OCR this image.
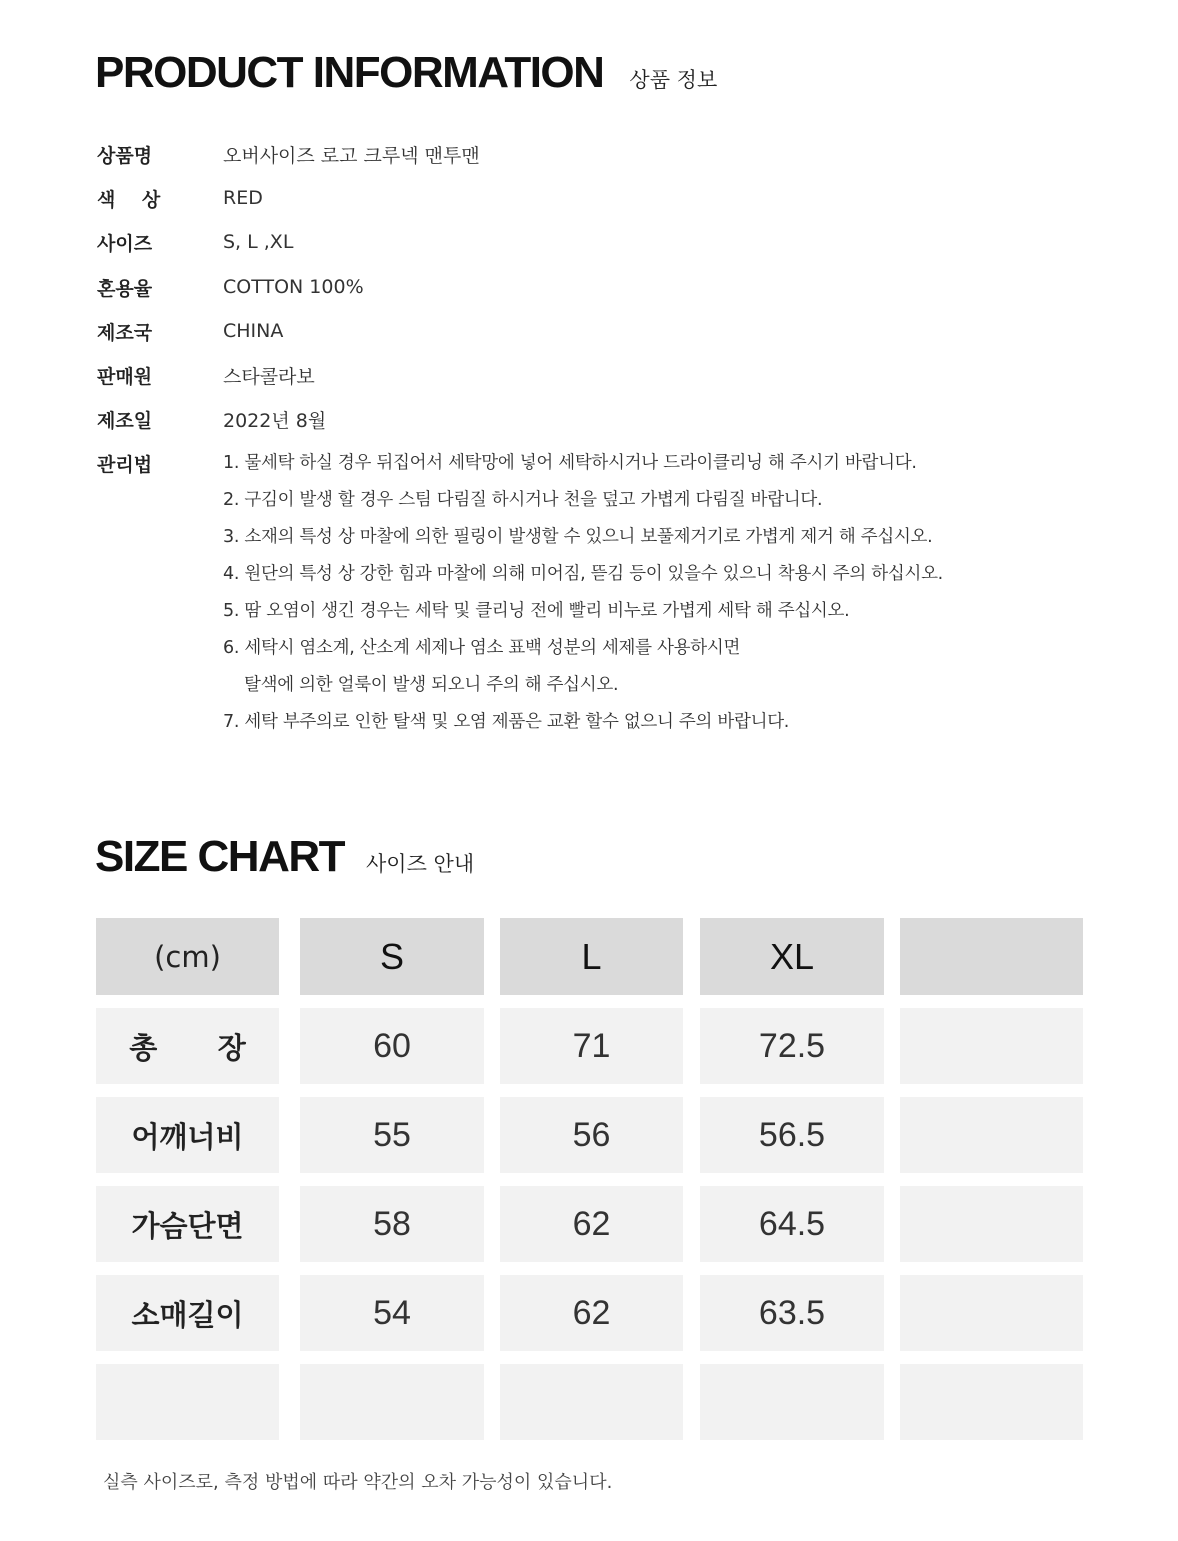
PRODUCT INFORMATION 상품 정보
상품명	오버사이즈 로고 크루넥 맨투맨
색    상	RED
사이즈	S, L ,XL
혼용율	COTTON 100%
제조국	CHINA
판매원	스타콜라보
제조일	2022년 8월
관리법	1. 물세탁 하실 경우 뒤집어서 세탁망에 넣어 세탁하시거나 드라이클리닝 해 주시기 바랍니다.
2. 구김이 발생 할 경우 스팀 다림질 하시거나 천을 덮고 가볍게 다림질 바랍니다.
3. 소재의 특성 상 마찰에 의한 필링이 발생할 수 있으니 보풀제거기로 가볍게 제거 해 주십시오.
4. 원단의 특성 상 강한 힘과 마찰에 의해 미어짐, 뜯김 등이 있을수 있으니 착용시 주의 하십시오.
5. 땀 오염이 생긴 경우는 세탁 및 클리닝 전에 빨리 비누로 가볍게 세탁 해 주십시오.
6. 세탁시 염소계, 산소계 세제나 염소 표백 성분의 세제를 사용하시면
탈색에 의한 얼룩이 발생 되오니 주의 해 주십시오.
7. 세탁 부주의로 인한 탈색 및 오염 제품은 교환 할수 없으니 주의 바랍니다.
SIZE CHART 사이즈 안내
(cm)	S	L	XL
총      장	60	71	72.5
어깨너비	55	56	56.5
가슴단면	58	62	64.5
소매길이	54	62	63.5
실측 사이즈로, 측정 방법에 따라 약간의 오차 가능성이 있습니다.
